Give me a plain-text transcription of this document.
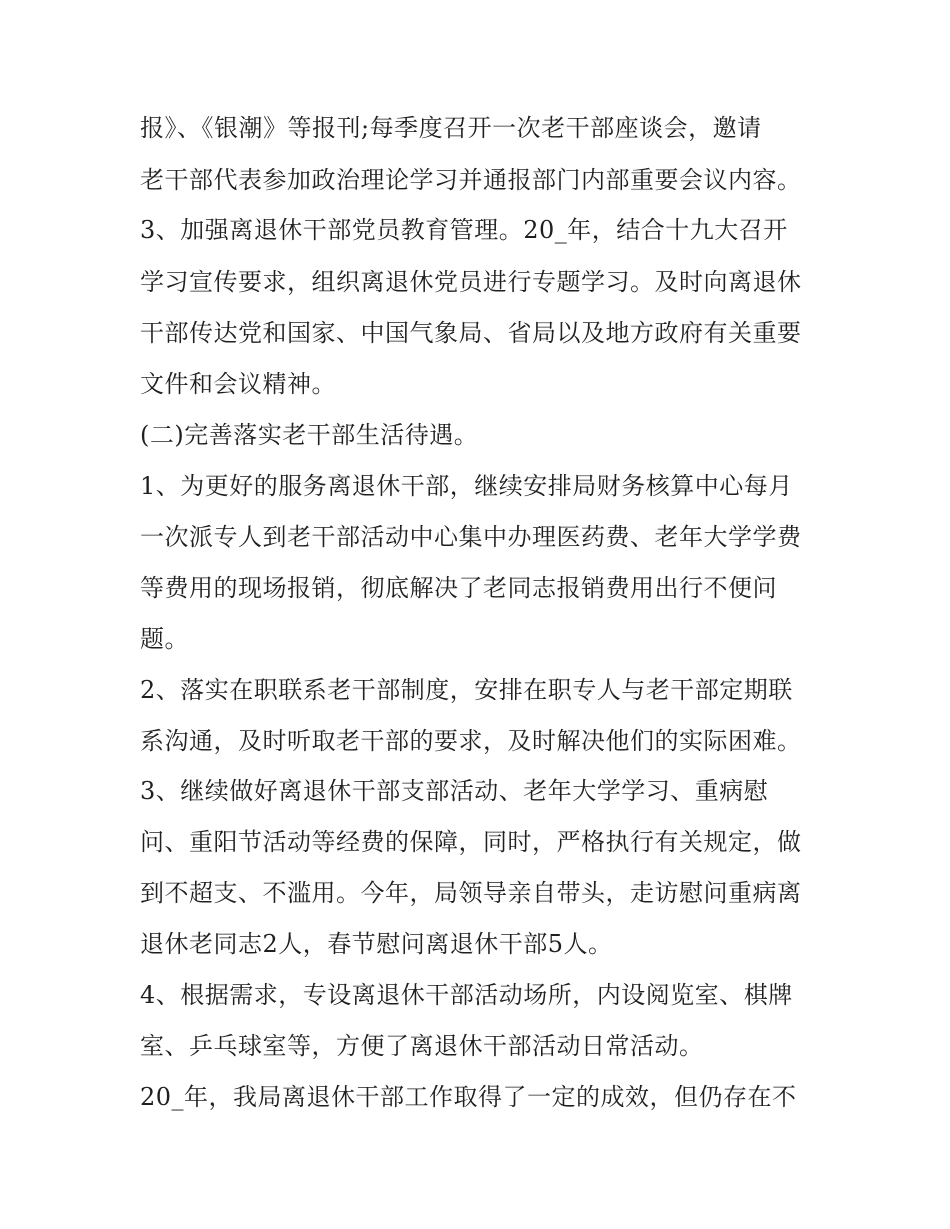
报》、《银潮》等报刊;每季度召开一次老干部座谈会，邀请
老干部代表参加政治理论学习并通报部门内部重要会议内容。
3、加强离退休干部党员教育管理。20_年，结合十九大召开
学习宣传要求，组织离退休党员进行专题学习。及时向离退休
干部传达党和国家、中国气象局、省局以及地方政府有关重要
文件和会议精神。
(二)完善落实老干部生活待遇。
1、为更好的服务离退休干部，继续安排局财务核算中心每月
一次派专人到老干部活动中心集中办理医药费、老年大学学费
等费用的现场报销，彻底解决了老同志报销费用出行不便问
题。
2、落实在职联系老干部制度，安排在职专人与老干部定期联
系沟通，及时听取老干部的要求，及时解决他们的实际困难。
3、继续做好离退休干部支部活动、老年大学学习、重病慰
问、重阳节活动等经费的保障，同时，严格执行有关规定，做
到不超支、不滥用。今年，局领导亲自带头，走访慰问重病离
退休老同志2人，春节慰问离退休干部5人。
4、根据需求，专设离退休干部活动场所，内设阅览室、棋牌
室、乒乓球室等，方便了离退休干部活动日常活动。
20_年，我局离退休干部工作取得了一定的成效，但仍存在不
